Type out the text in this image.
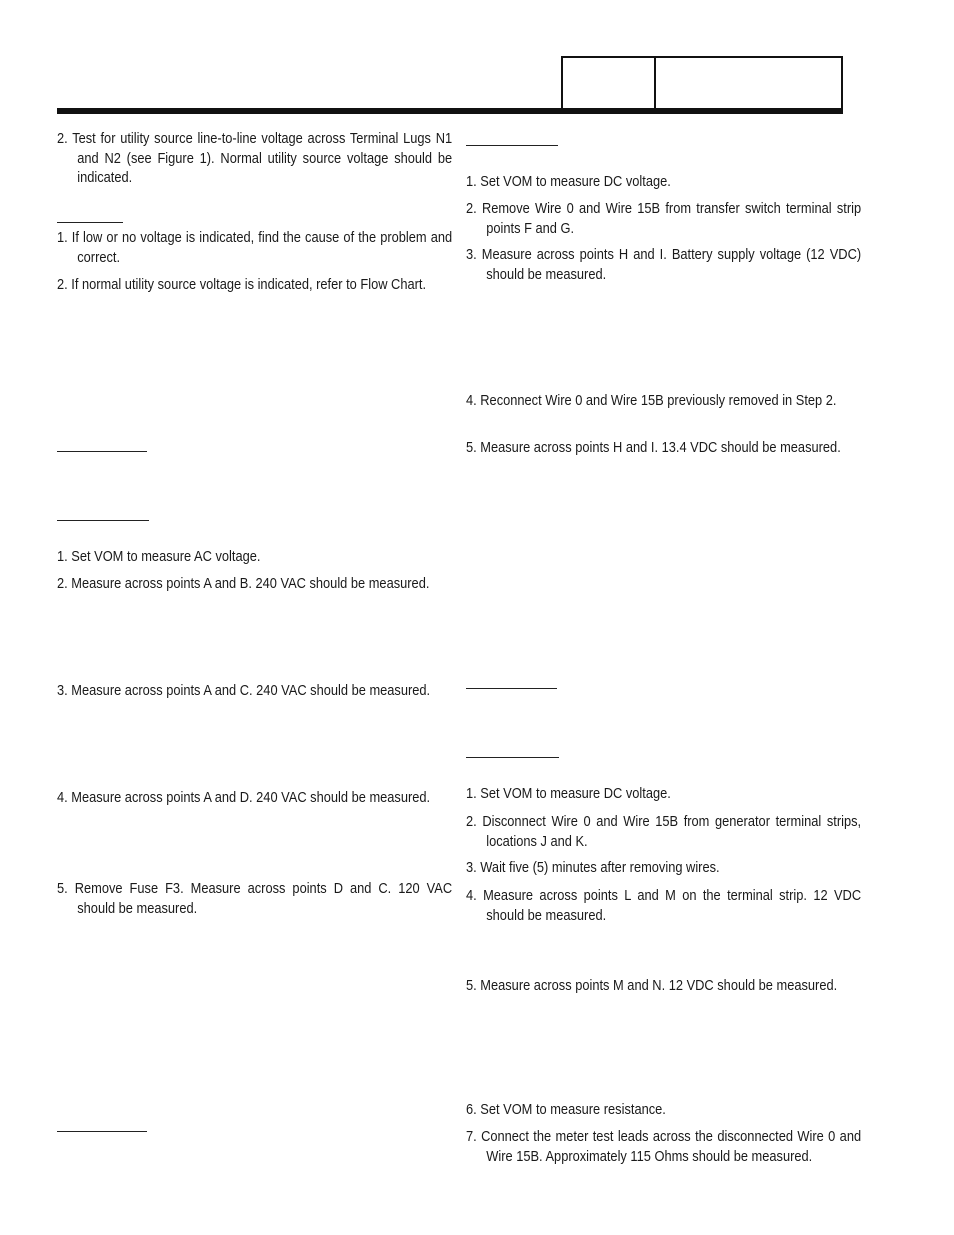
2. Test for utility source line-to-line voltage across Terminal Lugs N1 and N2 (see Figure 1). Normal utility source voltage should be indicated.
1. If low or no voltage is indicated, find the cause of the problem and correct.
2. If normal utility source voltage is indicated, refer to Flow Chart.
1. Set VOM to measure AC voltage.
2. Measure across points A and B. 240 VAC should be measured.
3. Measure across points A and C. 240 VAC should be measured.
4. Measure across points A and D. 240 VAC should be measured.
5. Remove Fuse F3. Measure across points D and C. 120 VAC should be measured.
1. Set VOM to measure DC voltage.
2. Remove Wire 0 and Wire 15B from transfer switch terminal strip points F and G.
3. Measure across points H and I. Battery supply voltage (12 VDC) should be measured.
4. Reconnect Wire 0 and Wire 15B previously removed in Step 2.
5. Measure across points H and I. 13.4 VDC should be measured.
1. Set VOM to measure DC voltage.
2. Disconnect Wire 0 and Wire 15B from generator terminal strips, locations J and K.
3. Wait five (5) minutes after removing wires.
4. Measure across points L and M on the terminal strip. 12 VDC should be measured.
5. Measure across points M and N. 12 VDC should be measured.
6. Set VOM to measure resistance.
7. Connect the meter test leads across the disconnected Wire 0 and Wire 15B. Approximately 115 Ohms should be measured.
